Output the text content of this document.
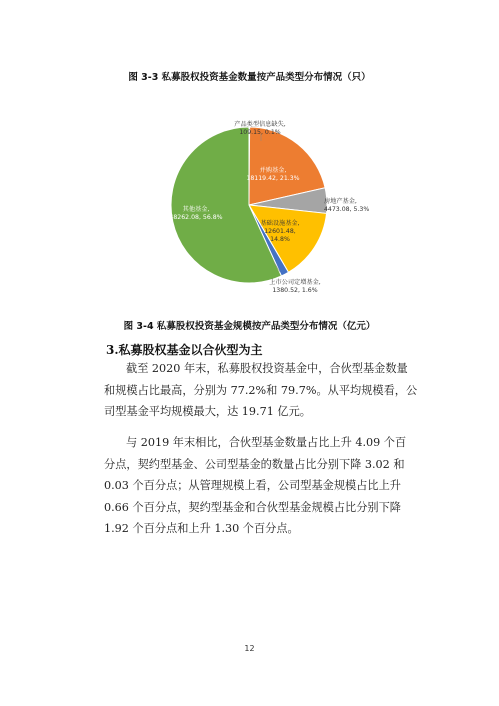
图 3-3 私募股权投资基金数量按产品类型分布情况（只）
产品类型信息缺失,
109.15, 0.1%
并购基金,
18119.42, 21.3%
房地产基金,
4473.08, 5.3%
基础设施基金,
12601.48,
14.8%
上市公司定增基金,
1380.52, 1.6%
其他基金,
48262.08, 56.8%
图 3-4 私募股权投资基金规模按产品类型分布情况（亿元）
3.私募股权基金以合伙型为主
截至 2020 年末，私募股权投资基金中，合伙型基金数量
和规模占比最高，分别为 77.2%和 79.7%。从平均规模看，公
司型基金平均规模最大，达 19.71 亿元。
与 2019 年末相比，合伙型基金数量占比上升 4.09 个百
分点，契约型基金、公司型基金的数量占比分别下降 3.02 和
0.03 个百分点；从管理规模上看，公司型基金规模占比上升
0.66 个百分点，契约型基金和合伙型基金规模占比分别下降
1.92 个百分点和上升 1.30 个百分点。
12
